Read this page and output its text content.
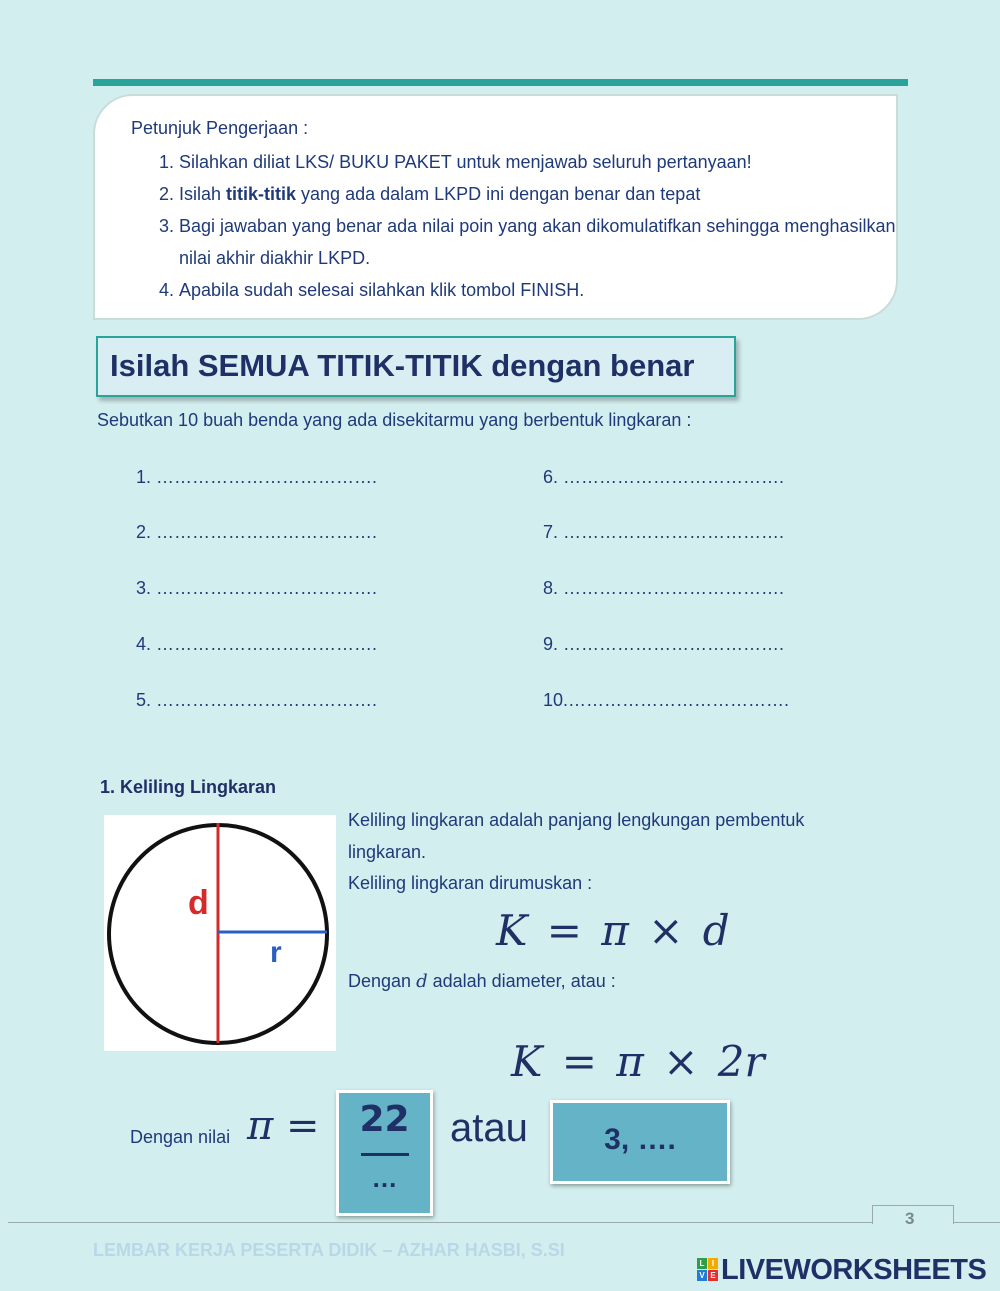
Petunjuk Pengerjaan :
1. Silahkan diliat LKS/ BUKU PAKET untuk menjawab seluruh pertanyaan!
2. Isilah titik-titik yang ada dalam LKPD ini dengan benar dan tepat
3. Bagi jawaban yang benar ada nilai poin yang akan dikomulatifkan sehingga menghasilkan nilai akhir diakhir LKPD.
4. Apabila sudah selesai silahkan klik tombol FINISH.
Isilah SEMUA TITIK-TITIK dengan benar
Sebutkan 10 buah benda yang ada disekitarmu yang berbentuk lingkaran :
1. ……………………………….
2. ……………………………….
3. ……………………………….
4. ……………………………….
5. ……………………………….
6. ……………………………….
7. ……………………………….
8. ……………………………….
9. ……………………………….
10.……………………………….
1. Keliling Lingkaran
d
r
Keliling lingkaran adalah panjang lengkungan pembentuk
lingkaran.
Keliling lingkaran dirumuskan :
K = π × d
Dengan d adalah diameter, atau :
K = π × 2r
Dengan nilai π =	22
…
atau	3, ….
3
LEMBAR KERJA PESERTA DIDIK – AZHAR HASBI, S.SI
L I
V E LIVEWORKSHEETS
